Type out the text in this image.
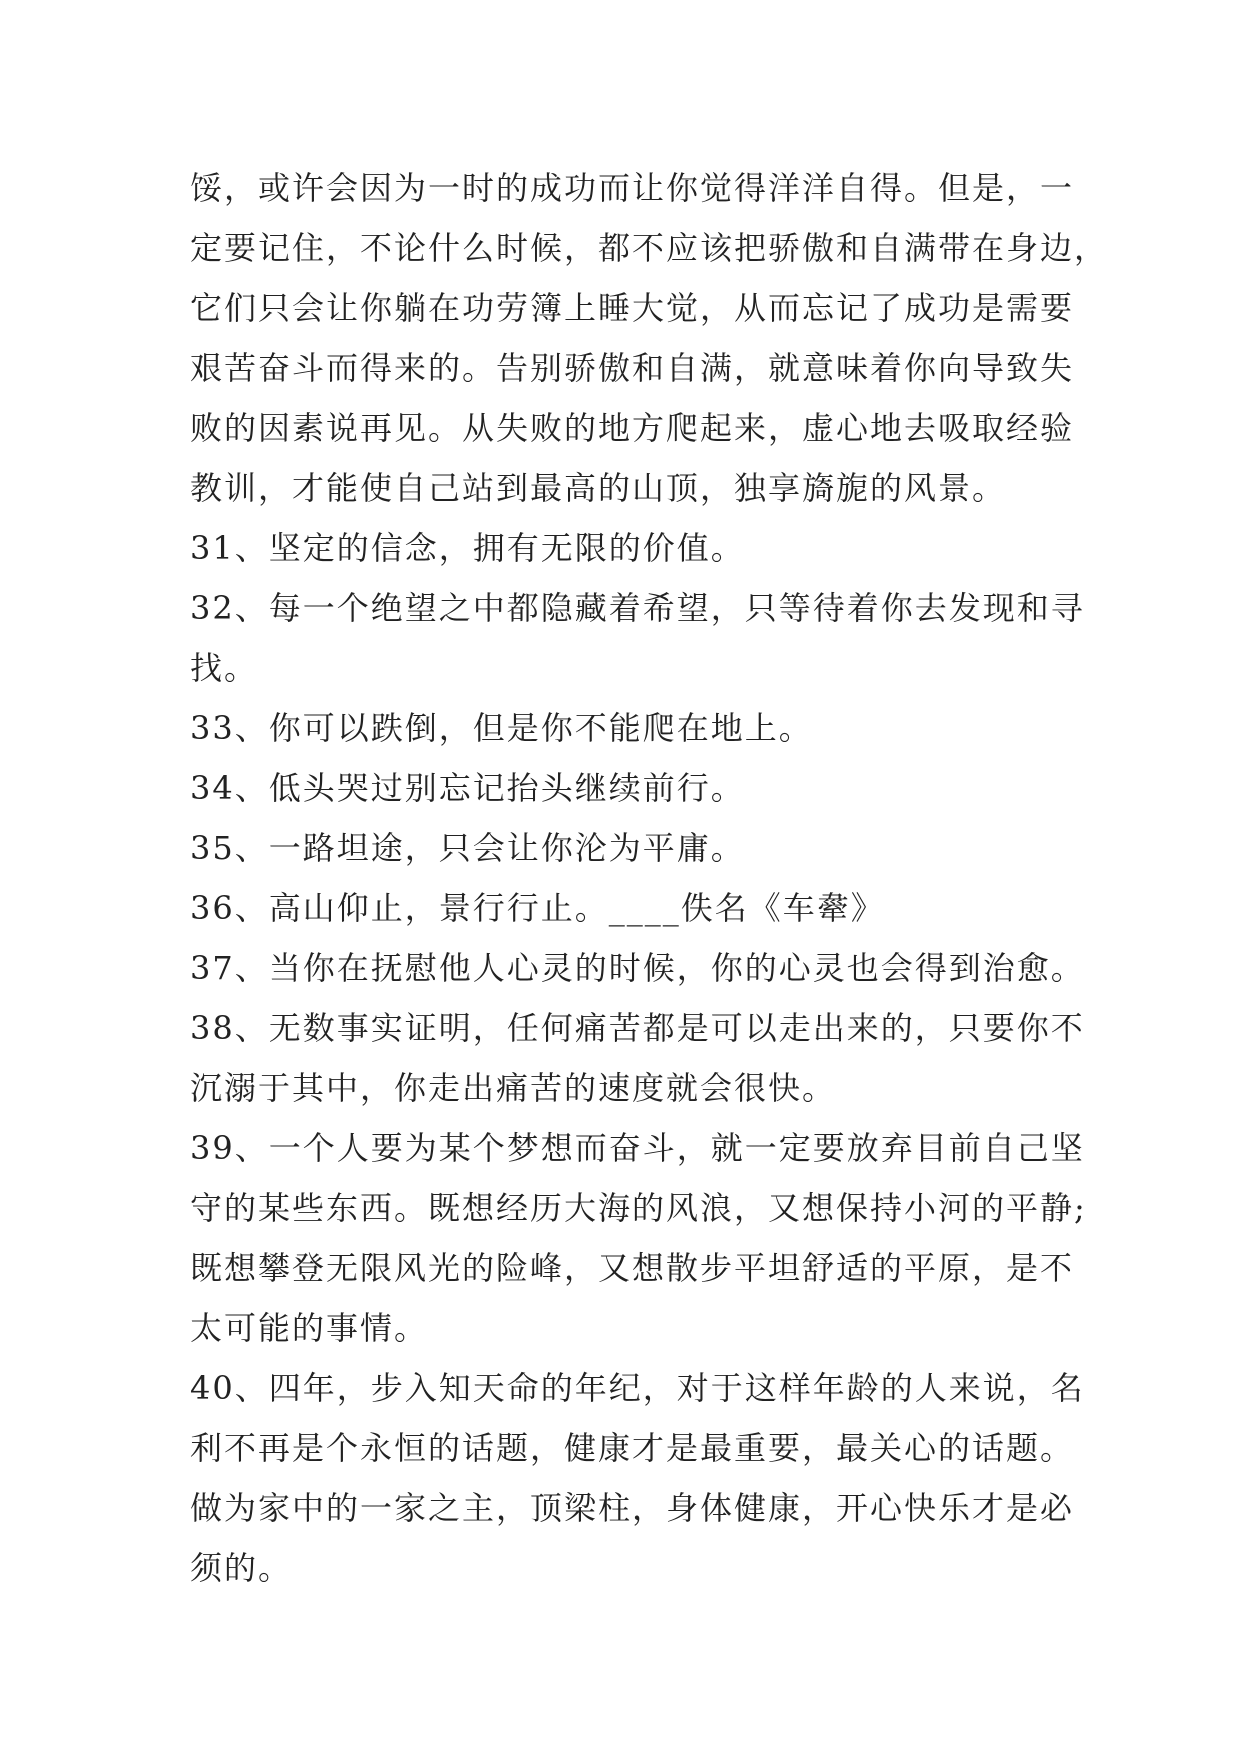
馁，或许会因为一时的成功而让你觉得洋洋自得。但是，一
定要记住，不论什么时候，都不应该把骄傲和自满带在身边，
它们只会让你躺在功劳簿上睡大觉，从而忘记了成功是需要
艰苦奋斗而得来的。告别骄傲和自满，就意味着你向导致失
败的因素说再见。从失败的地方爬起来，虚心地去吸取经验
教训，才能使自己站到最高的山顶，独享旖旎的风景。
31、坚定的信念，拥有无限的价值。
32、每一个绝望之中都隐藏着希望，只等待着你去发现和寻
找。
33、你可以跌倒，但是你不能爬在地上。
34、低头哭过别忘记抬头继续前行。
35、一路坦途，只会让你沦为平庸。
36、高山仰止，景行行止。____佚名《车舝》
37、当你在抚慰他人心灵的时候，你的心灵也会得到治愈。
38、无数事实证明，任何痛苦都是可以走出来的，只要你不
沉溺于其中，你走出痛苦的速度就会很快。
39、一个人要为某个梦想而奋斗，就一定要放弃目前自己坚
守的某些东西。既想经历大海的风浪，又想保持小河的平静;
既想攀登无限风光的险峰，又想散步平坦舒适的平原，是不
太可能的事情。
40、四年，步入知天命的年纪，对于这样年龄的人来说，名
利不再是个永恒的话题，健康才是最重要，最关心的话题。
做为家中的一家之主，顶梁柱，身体健康，开心快乐才是必
须的。
